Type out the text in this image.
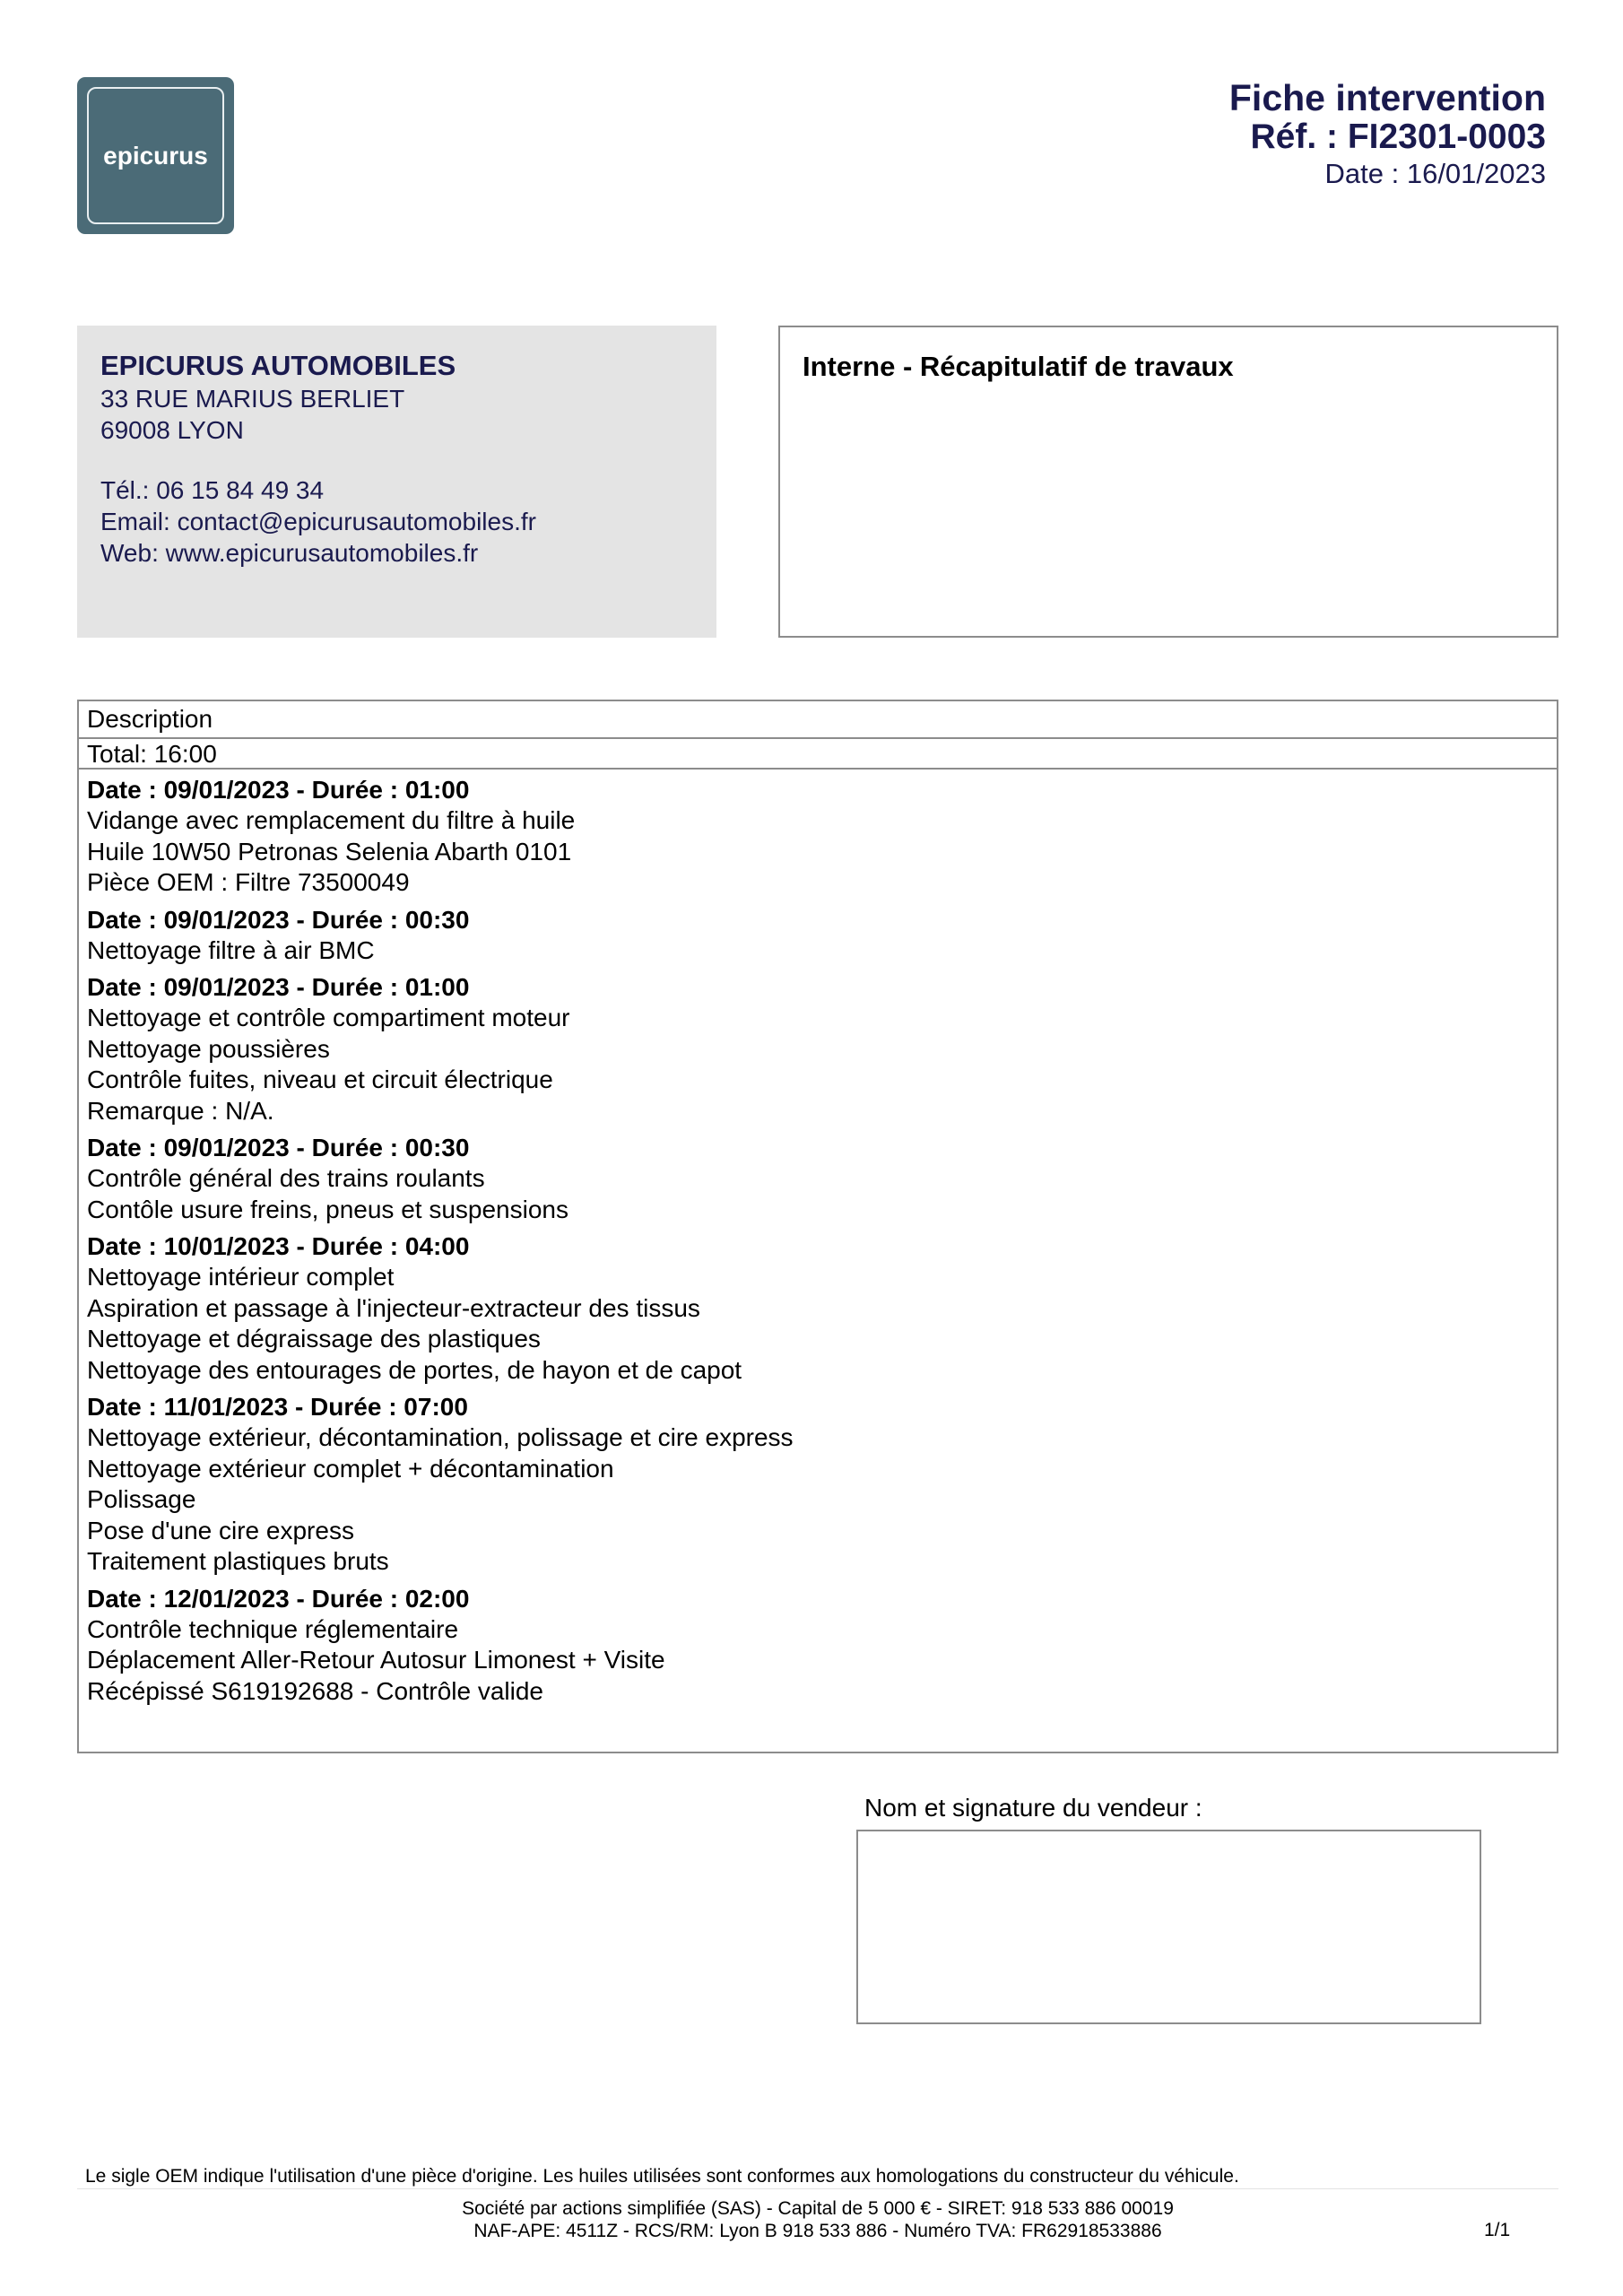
epicurus
Fiche intervention
Réf. : FI2301-0003
Date : 16/01/2023
EPICURUS AUTOMOBILES
33 RUE MARIUS BERLIET
69008 LYON
Tél.: 06 15 84 49 34
Email: contact@epicurusautomobiles.fr
Web: www.epicurusautomobiles.fr
Interne - Récapitulatif de travaux
Description
Total: 16:00
Date : 09/01/2023 - Durée : 01:00
Vidange avec remplacement du filtre à huile
Huile 10W50 Petronas Selenia Abarth 0101
Pièce OEM : Filtre 73500049
Date : 09/01/2023 - Durée : 00:30
Nettoyage filtre à air BMC
Date : 09/01/2023 - Durée : 01:00
Nettoyage et contrôle compartiment moteur
Nettoyage poussières
Contrôle fuites, niveau et circuit électrique
Remarque : N/A.
Date : 09/01/2023 - Durée : 00:30
Contrôle général des trains roulants
Contôle usure freins, pneus et suspensions
Date : 10/01/2023 - Durée : 04:00
Nettoyage intérieur complet
Aspiration et passage à l'injecteur-extracteur des tissus
Nettoyage et dégraissage des plastiques
Nettoyage des entourages de portes, de hayon et de capot
Date : 11/01/2023 - Durée : 07:00
Nettoyage extérieur, décontamination, polissage et cire express
Nettoyage extérieur complet + décontamination
Polissage
Pose d'une cire express
Traitement plastiques bruts
Date : 12/01/2023 - Durée : 02:00
Contrôle technique réglementaire
Déplacement Aller-Retour Autosur Limonest + Visite
Récépissé S619192688 - Contrôle valide
Nom et signature du vendeur :
Le sigle OEM indique l'utilisation d'une pièce d'origine. Les huiles utilisées sont conformes aux homologations du constructeur du véhicule.
Société par actions simplifiée (SAS) - Capital de 5 000 € - SIRET: 918 533 886 00019
NAF-APE: 4511Z - RCS/RM: Lyon B 918 533 886 - Numéro TVA: FR62918533886	1/1
